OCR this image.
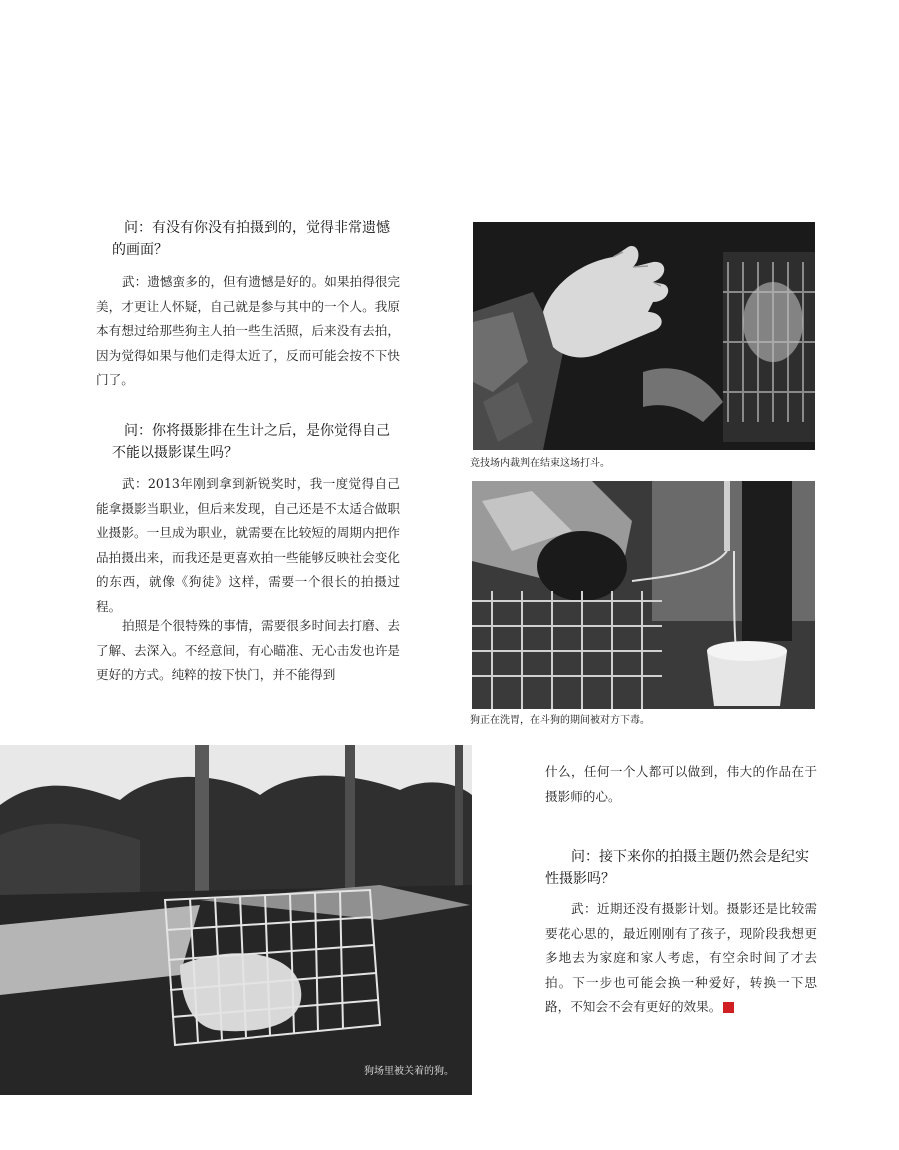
问：有没有你没有拍摄到的，觉得非常遗憾的画面？

武：遗憾蛮多的，但有遗憾是好的。如果拍得很完美，才更让人怀疑，自己就是参与其中的一个人。我原本有想过给那些狗主人拍一些生活照，后来没有去拍，因为觉得如果与他们走得太近了，反而可能会按不下快门了。

问：你将摄影排在生计之后，是你觉得自己不能以摄影谋生吗？

武：2013年刚到拿到新锐奖时，我一度觉得自己能拿摄影当职业，但后来发现，自己还是不太适合做职业摄影。一旦成为职业，就需要在比较短的周期内把作品拍摄出来，而我还是更喜欢拍一些能够反映社会变化的东西，就像《狗徒》这样，需要一个很长的拍摄过程。

拍照是个很特殊的事情，需要很多时间去打磨、去了解、去深入。不经意间，有心瞄准、无心击发也许是更好的方式。纯粹的按下快门，并不能得到

竞技场内裁判在结束这场打斗。

狗正在洗胃，在斗狗的期间被对方下毒。

狗场里被关着的狗。

什么，任何一个人都可以做到，伟大的作品在于摄影师的心。

问：接下来你的拍摄主题仍然会是纪实性摄影吗？

武：近期还没有摄影计划。摄影还是比较需要花心思的，最近刚刚有了孩子，现阶段我想更多地去为家庭和家人考虑，有空余时间了才去拍。下一步也可能会换一种爱好，转换一下思路，不知会不会有更好的效果。
